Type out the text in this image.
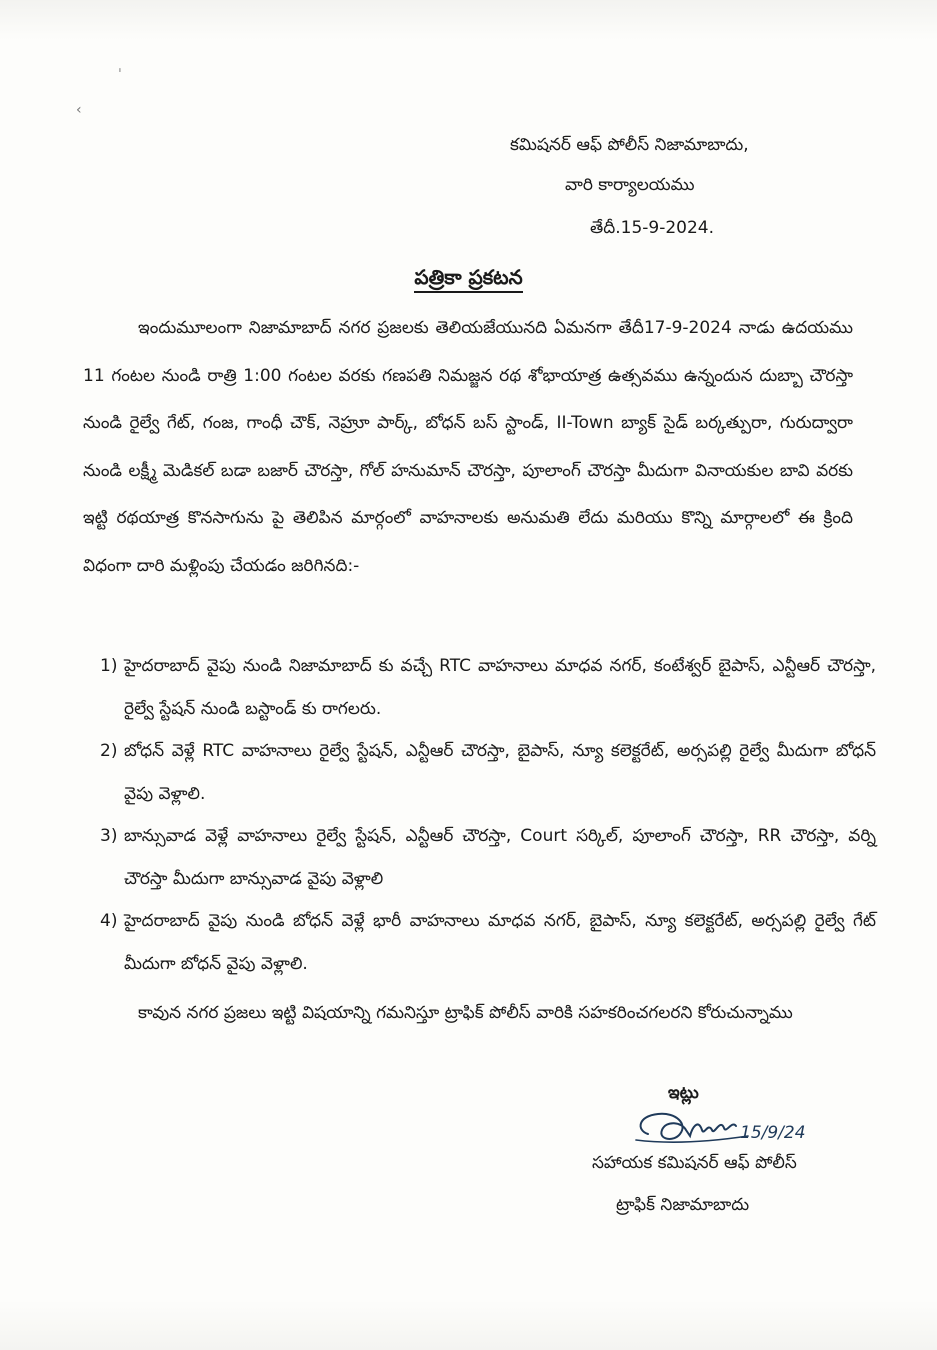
ˈ
‹
కమిషనర్ ఆఫ్ పోలీస్ నిజామాబాదు,
వారి కార్యాలయము
తేదీ.15-9-2024.
పత్రికా ప్రకటన
ఇందుమూలంగా నిజామాబాద్ నగర ప్రజలకు తెలియజేయునది ఏమనగా తేదీ17-9-2024 నాడు ఉదయము 11 గంటల నుండి రాత్రి 1:00 గంటల వరకు గణపతి నిమజ్జన రథ శోభాయాత్ర ఉత్సవము ఉన్నందున దుబ్బా చౌరస్తా నుండి రైల్వే గేట్, గంజ, గాంధీ చౌక్, నెహ్రూ పార్క్, బోధన్ బస్ స్టాండ్, II-Town బ్యాక్ సైడ్ బర్కత్పురా, గురుద్వారా నుండి లక్ష్మీ మెడికల్ బడా బజార్ చౌరస్తా, గోల్ హనుమాన్ చౌరస్తా, పూలాంగ్ చౌరస్తా మీదుగా వినాయకుల బావి వరకు ఇట్టి రథయాత్ర కొనసాగును పై తెలిపిన మార్గంలో వాహనాలకు అనుమతి లేదు మరియు కొన్ని మార్గాలలో ఈ క్రింది విధంగా దారి మళ్లింపు చేయడం జరిగినది:-
1) హైదరాబాద్ వైపు నుండి నిజామాబాద్ కు వచ్చే RTC వాహనాలు మాధవ నగర్, కంటేశ్వర్ బైపాస్, ఎన్టీఆర్ చౌరస్తా, రైల్వే స్టేషన్ నుండి బస్టాండ్ కు రాగలరు.
2) బోధన్ వెళ్లే RTC వాహనాలు రైల్వే స్టేషన్, ఎన్టీఆర్ చౌరస్తా, బైపాస్, న్యూ కలెక్టరేట్, అర్సపల్లి రైల్వే మీదుగా బోధన్ వైపు వెళ్లాలి.
3) బాన్సువాడ వెళ్లే వాహనాలు రైల్వే స్టేషన్, ఎన్టీఆర్ చౌరస్తా, Court సర్కిల్, పూలాంగ్ చౌరస్తా, RR చౌరస్తా, వర్ని చౌరస్తా మీదుగా బాన్సువాడ వైపు వెళ్లాలి
4) హైదరాబాద్ వైపు నుండి బోధన్ వెళ్లే భారీ వాహనాలు మాధవ నగర్, బైపాస్, న్యూ కలెక్టరేట్, అర్సపల్లి రైల్వే గేట్ మీదుగా బోధన్ వైపు వెళ్లాలి.
కావున నగర ప్రజలు ఇట్టి విషయాన్ని గమనిస్తూ ట్రాఫిక్ పోలీస్ వారికి సహకరించగలరని కోరుచున్నాము
ఇట్లు
15/9/24
సహాయక కమిషనర్ ఆఫ్ పోలీస్
ట్రాఫిక్ నిజామాబాదు
